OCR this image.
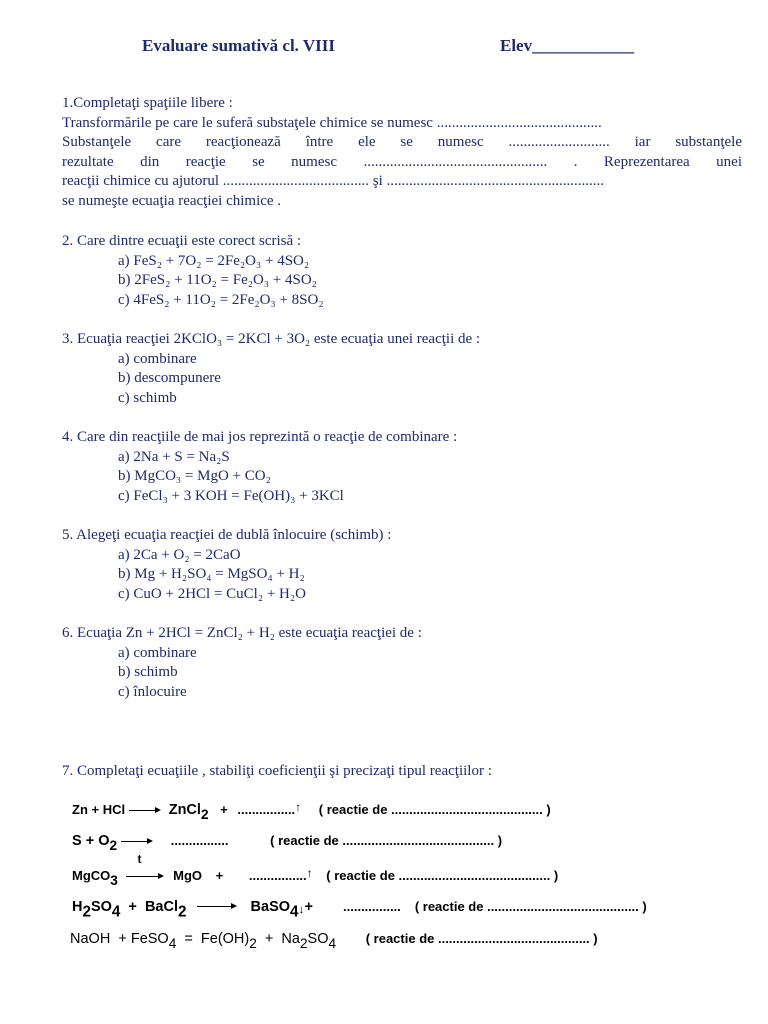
Evaluare sumativă cl. VIII	Elev____________
1.Completaţi spaţiile libere :
Transformările pe care le suferă substaţele chimice se numesc ............................................
Substanţele care reacţionează între ele se numesc ........................... iar substanţele
rezultate din reacţie se numesc ................................................. . Reprezentarea unei
reacţii chimice cu ajutorul ....................................... şi ..........................................................
se numeşte ecuaţia reacţiei chimice .
2. Care dintre ecuaţii este corect scrisă :
a) FeS₂ + 7O₂ = 2Fe₂O₃ + 4SO₂
b) 2FeS₂ + 11O₂ = Fe₂O₃ + 4SO₂
c) 4FeS₂ + 11O₂ = 2Fe₂O₃ + 8SO₂
3. Ecuaţia reacţiei 2KClO₃ = 2KCl + 3O₂ este ecuaţia unei reacţii de :
a) combinare
b) descompunere
c) schimb
4. Care din reacţiile de mai jos reprezintă o reacţie de combinare :
a) 2Na + S = Na₂S
b) MgCO₃ = MgO + CO₂
c) FeCl₃ + 3 KOH = Fe(OH)₃ + 3KCl
5. Alegeţi ecuaţia reacţiei de dublă înlocuire (schimb) :
a) 2Ca + O₂ = 2CaO
b) Mg + H₂SO₄ = MgSO₄ + H₂
c) CuO + 2HCl = CuCl₂ + H₂O
6. Ecuaţia Zn + 2HCl = ZnCl₂ + H₂ este ecuaţia reacţiei de :
a) combinare
b) schimb
c) înlocuire
7. Completaţi ecuaţiile , stabiliţi coeficienţii şi precizaţi tipul reacţiilor :
Zn + HCl	ZnCl2 + ................↑ ( reactie de .......................................... )
S + O2	................	( reactie de .......................................... )
MgCO3
t
MgO + ................↑ ( reactie de .......................................... )
H2SO4  +  BaCl2	BaSO4↓+ ................ ( reactie de .......................................... )
NaOH  + FeSO4  =  Fe(OH)2  +  Na2SO4 ( reactie de .......................................... )
